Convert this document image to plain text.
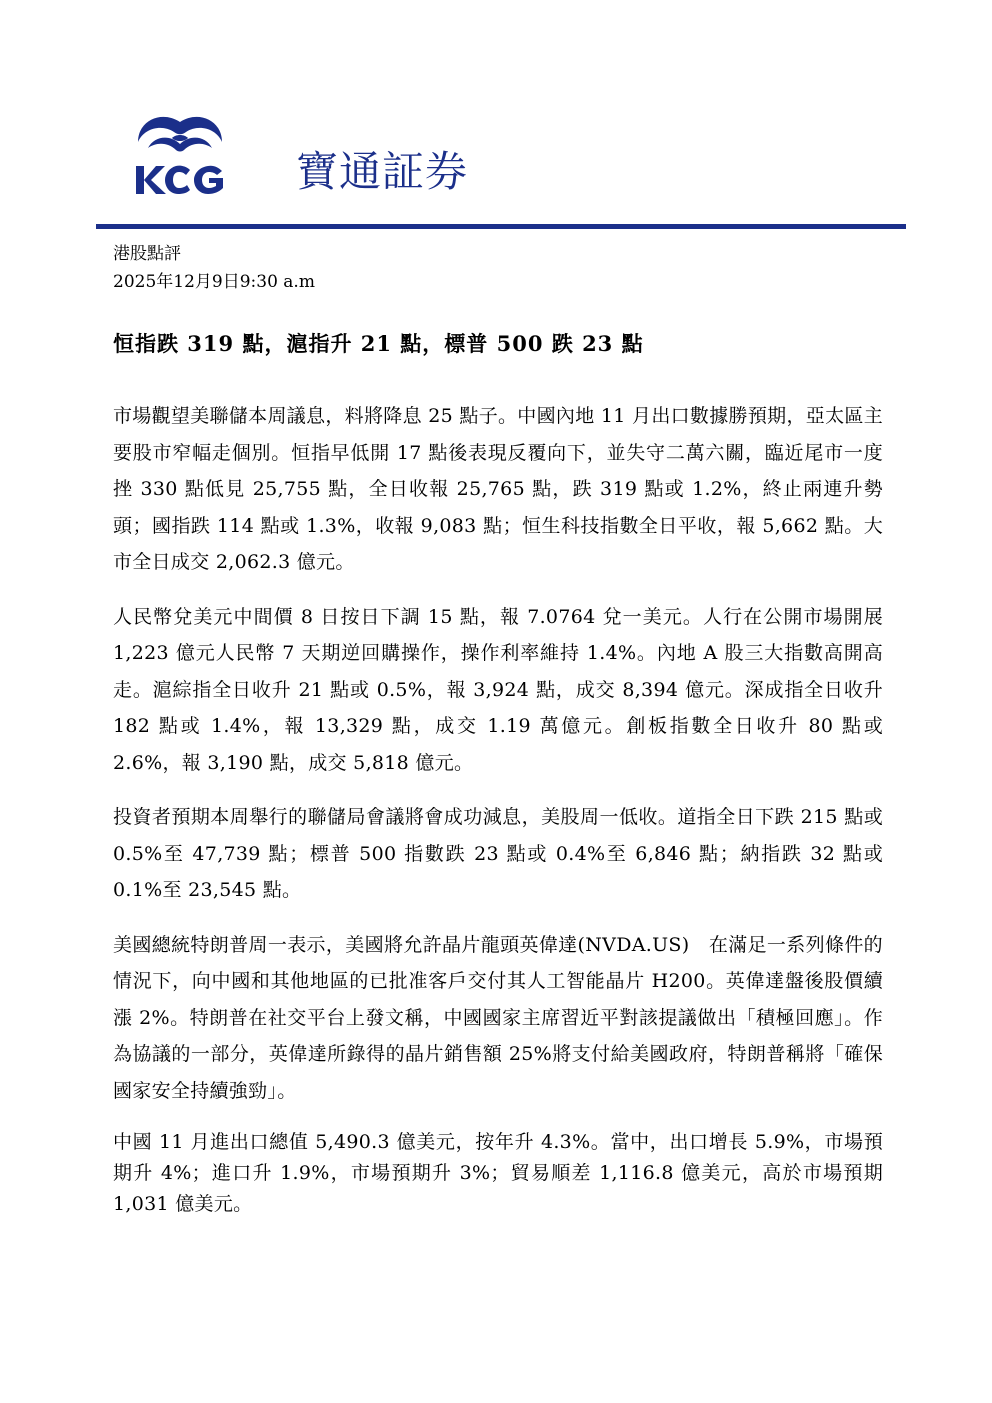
寶通証券
港股點評
2025年12月9日9:30 a.m
恒指跌 319 點，滬指升 21 點，標普 500 跌 23 點

市場觀望美聯儲本周議息，料將降息 25 點子。中國內地 11 月出口數據勝預期，亞太區主要股市窄幅走個別。恒指早低開 17 點後表現反覆向下，並失守二萬六關，臨近尾市一度挫 330 點低見 25,755 點，全日收報 25,765 點，跌 319 點或 1.2%，終止兩連升勢頭；國指跌 114 點或 1.3%，收報 9,083 點；恒生科技指數全日平收，報 5,662 點。大市全日成交 2,062.3 億元。

人民幣兌美元中間價 8 日按日下調 15 點，報 7.0764 兌一美元。人行在公開市場開展 1,223 億元人民幣 7 天期逆回購操作，操作利率維持 1.4%。內地 A 股三大指數高開高走。滬綜指全日收升 21 點或 0.5%，報 3,924 點，成交 8,394 億元。深成指全日收升 182 點或 1.4%，報 13,329 點，成交 1.19 萬億元。創板指數全日收升 80 點或 2.6%，報 3,190 點，成交 5,818 億元。

投資者預期本周舉行的聯儲局會議將會成功減息，美股周一低收。道指全日下跌 215 點或 0.5%至 47,739 點；標普 500 指數跌 23 點或 0.4%至 6,846 點；納指跌 32 點或 0.1%至 23,545 點。

美國總統特朗普周一表示，美國將允許晶片龍頭英偉達(NVDA.US)　在滿足一系列條件的情況下，向中國和其他地區的已批准客戶交付其人工智能晶片 H200。英偉達盤後股價續漲 2%。特朗普在社交平台上發文稱，中國國家主席習近平對該提議做出「積極回應」。作為協議的一部分，英偉達所錄得的晶片銷售額 25%將支付給美國政府，特朗普稱將「確保國家安全持續強勁」。

中國 11 月進出口總值 5,490.3 億美元，按年升 4.3%。當中，出口增長 5.9%，市場預期升 4%；進口升 1.9%，市場預期升 3%；貿易順差 1,116.8 億美元，高於市場預期 1,031 億美元。
